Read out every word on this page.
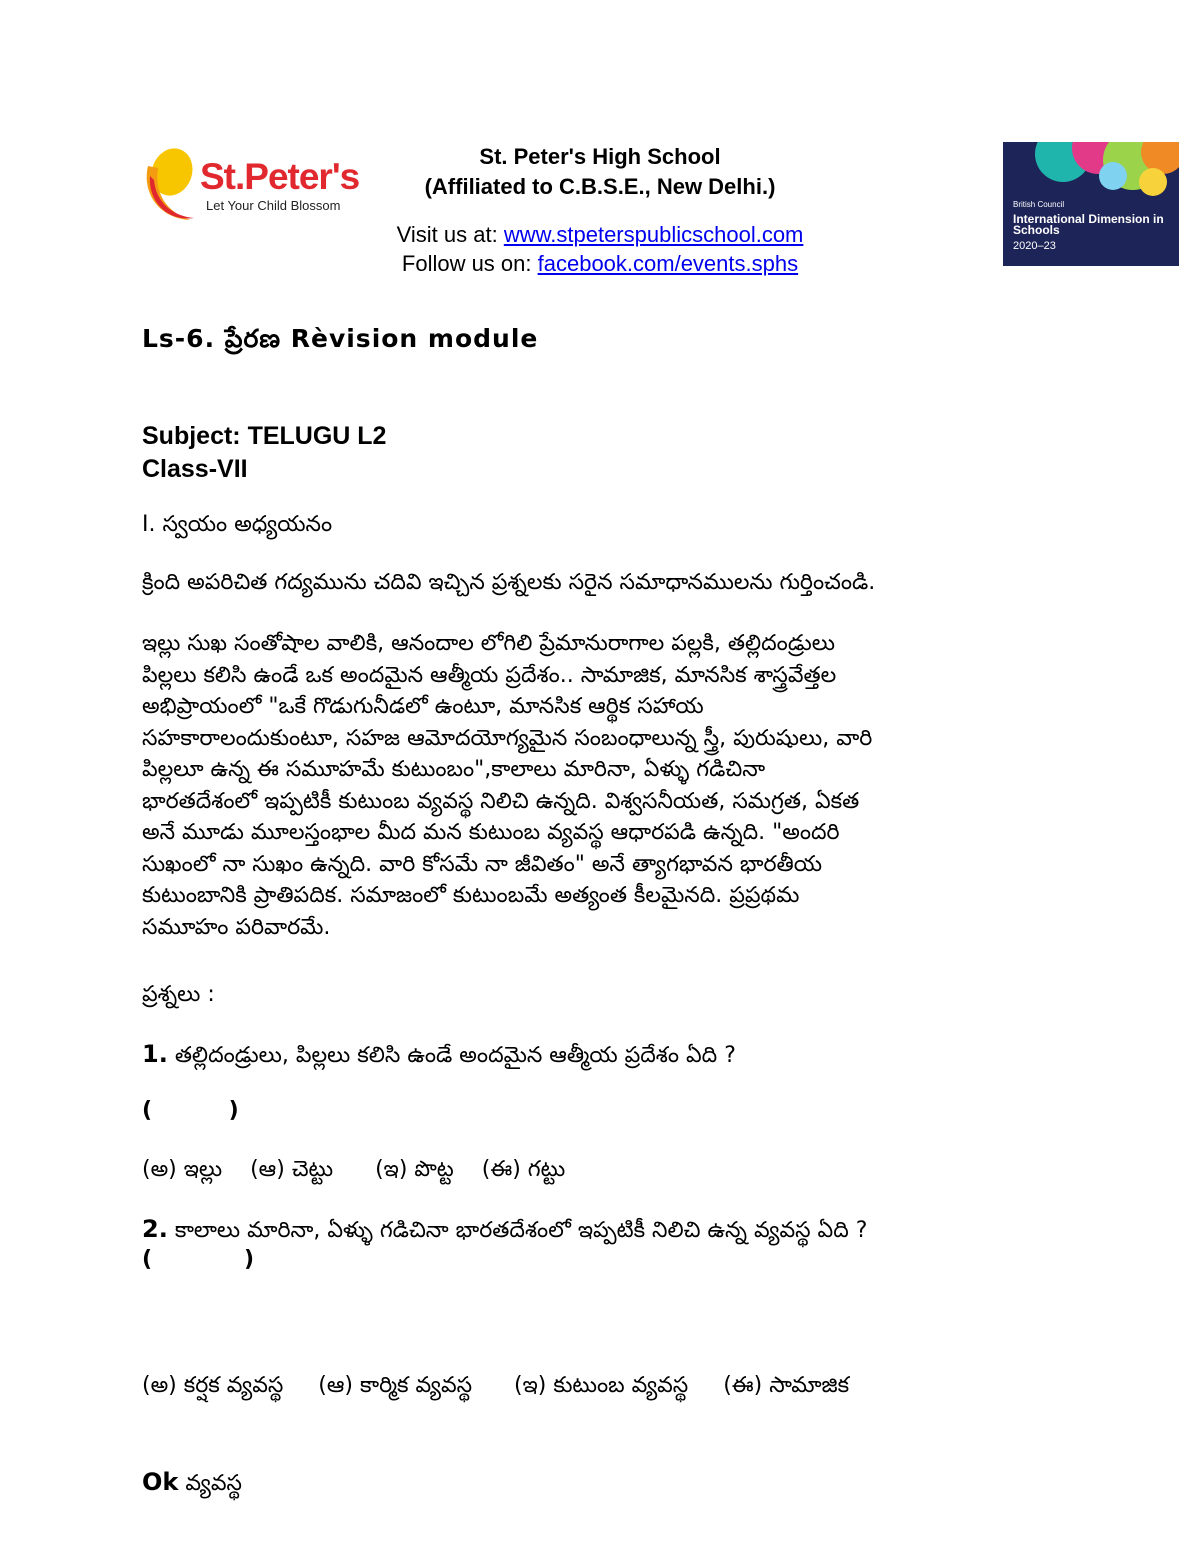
St.Peter's
Let Your Child Blossom
St. Peter's High School
(Affiliated to C.B.S.E., New Delhi.)
Visit us at: www.stpeterspublicschool.com
Follow us on: facebook.com/events.sphs
British Council
International Dimension in Schools
2020–23
Ls-6. ప్రేరణ Rèvision module
Subject: TELUGU L2
Class-VII
I. స్వయం అధ్యయనం
క్రింది అపరిచిత గద్యమును చదివి ఇచ్చిన ప్రశ్నలకు సరైన సమాధానములను గుర్తించండి.
ఇల్లు సుఖ సంతోషాల వాలికి, ఆనందాల లోగిలి ప్రేమానురాగాల పల్లకి, తల్లిదండ్రులు
పిల్లలు కలిసి ఉండే ఒక అందమైన ఆత్మీయ ప్రదేశం.. సామాజిక, మానసిక శాస్త్రవేత్తల
అభిప్రాయంలో "ఒకే గొడుగునీడలో ఉంటూ, మానసిక ఆర్థిక సహాయ
సహకారాలందుకుంటూ, సహజ ఆమోదయోగ్యమైన సంబంధాలున్న స్త్రీ, పురుషులు, వారి
పిల్లలూ ఉన్న ఈ సమూహమే కుటుంబం",కాలాలు మారినా, ఏళ్ళు గడిచినా
భారతదేశంలో ఇప్పటికీ కుటుంబ వ్యవస్థ నిలిచి ఉన్నది. విశ్వసనీయత, సమగ్రత, ఏకత
అనే మూడు మూలస్తంభాల మీద మన కుటుంబ వ్యవస్థ ఆధారపడి ఉన్నది. "అందరి
సుఖంలో నా సుఖం ఉన్నది. వారి కోసమే నా జీవితం" అనే త్యాగభావన భారతీయ
కుటుంబానికి ప్రాతిపదిక. సమాజంలో కుటుంబమే అత్యంత కీలమైనది. ప్రప్రథమ
సమూహం పరివారమే.
ప్రశ్నలు :
1. తల్లిదండ్రులు, పిల్లలు కలిసి ఉండే అందమైన ఆత్మీయ ప్రదేశం ఏది ?
(          )
(అ) ఇల్లు    (ఆ) చెట్టు      (ఇ) పొట్ట    (ఈ) గట్టు
2. కాలాలు మారినా, ఏళ్ళు గడిచినా భారతదేశంలో ఇప్పటికీ నిలిచి ఉన్న వ్యవస్థ ఏది ?
(            )

(అ) కర్షక వ్యవస్థ     (ఆ) కార్మిక వ్యవస్థ      (ఇ) కుటుంబ వ్యవస్థ     (ఈ) సామాజిక

Ok వ్యవస్థ
